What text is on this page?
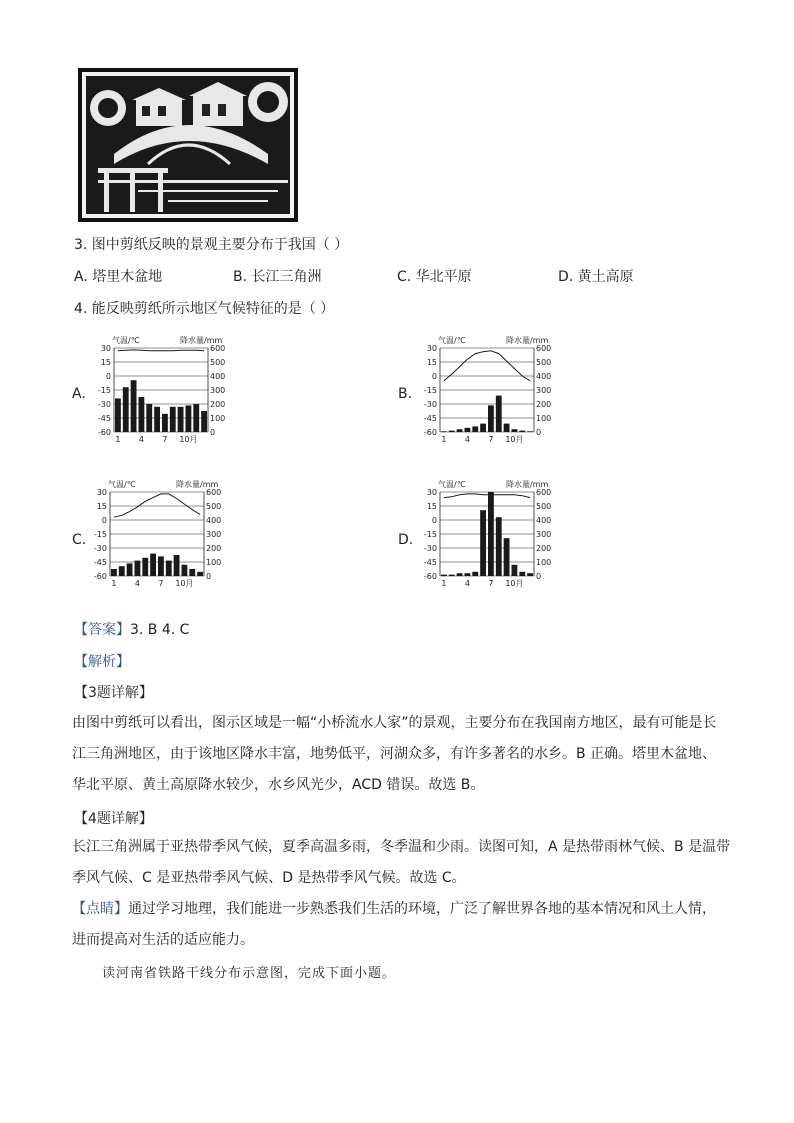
3. 图中剪纸反映的景观主要分布于我国（ ）
A. 塔里木盆地	B. 长江三角洲	C. 华北平原	D. 黄土高原
4. 能反映剪纸所示地区气候特征的是（ ）
A.	B.
C.	D.
气温/℃	降水量/mm
30	600
15	500
0	400
-15	300
-30	200
-45	100
-60	0
1 4 7 10月
气温/℃	降水量/mm
30	600
15	500
0	400
-15	300
-30	200
-45	100
-60	0
1 4 7 10月
气温/℃	降水量/mm
30	600
15	500
0	400
-15	300
-30	200
-45	100
-60	0
1 4 7 10月
气温/℃	降水量/mm
30	600
15	500
0	400
-15	300
-30	200
-45	100
-60	0
1 4 7 10月
【答案】3. B 4. C
【解析】
【3题详解】
由图中剪纸可以看出，图示区域是一幅“小桥流水人家”的景观，主要分布在我国南方地区，最有可能是长
江三角洲地区，由于该地区降水丰富，地势低平，河湖众多，有许多著名的水乡。B 正确。塔里木盆地、
华北平原、黄土高原降水较少，水乡风光少，ACD 错误。故选 B。
【4题详解】
长江三角洲属于亚热带季风气候，夏季高温多雨，冬季温和少雨。读图可知，A 是热带雨林气候、B 是温带
季风气候、C 是亚热带季风气候、D 是热带季风气候。故选 C。
【点睛】通过学习地理，我们能进一步熟悉我们生活的环境，广泛了解世界各地的基本情况和风土人情，
进而提高对生活的适应能力。
读河南省铁路干线分布示意图，完成下面小题。
